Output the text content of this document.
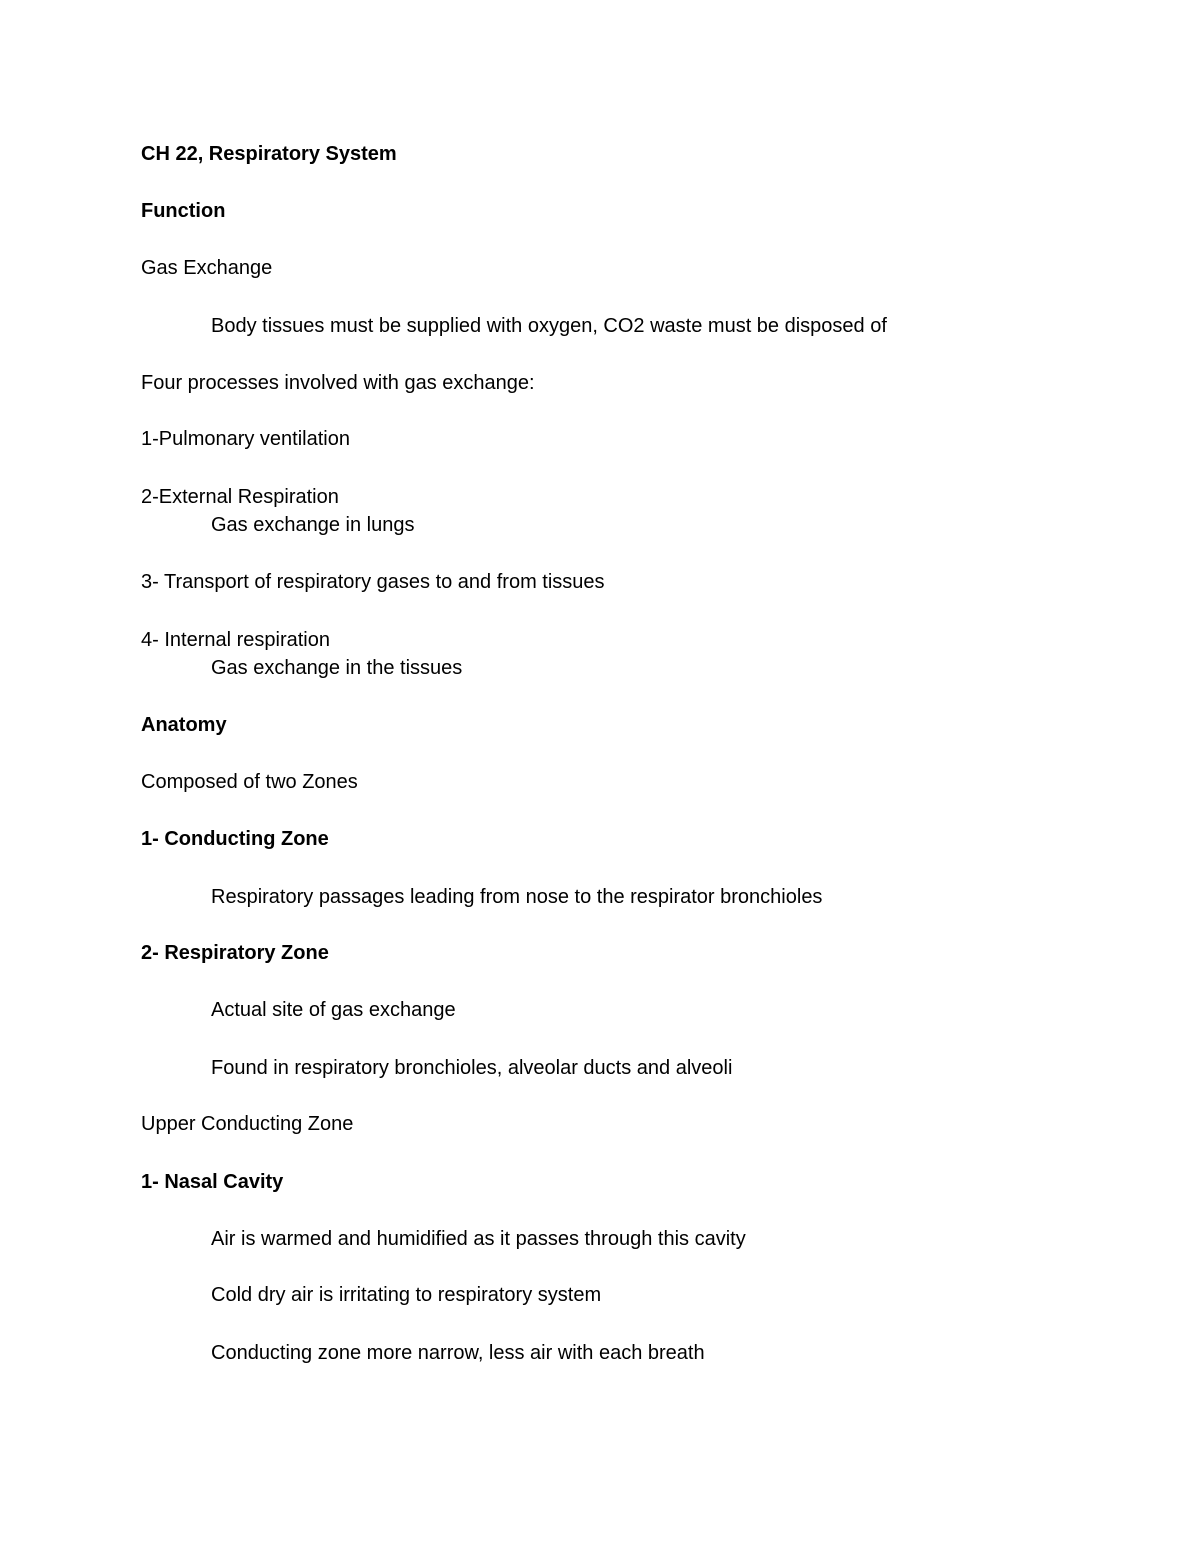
CH 22, Respiratory System

Function

Gas Exchange

Body tissues must be supplied with oxygen, CO2 waste must be disposed of

Four processes involved with gas exchange:

1-Pulmonary ventilation

2-External Respiration

Gas exchange in lungs

3- Transport of respiratory gases to and from tissues

4- Internal respiration

Gas exchange in the tissues

Anatomy

Composed of two Zones

1- Conducting Zone

Respiratory passages leading from nose to the respirator bronchioles

2- Respiratory Zone

Actual site of gas exchange

Found in respiratory bronchioles, alveolar ducts and alveoli

Upper Conducting Zone

1- Nasal Cavity

Air is warmed and humidified as it passes through this cavity

Cold dry air is irritating to respiratory system

Conducting zone more narrow, less air with each breath
